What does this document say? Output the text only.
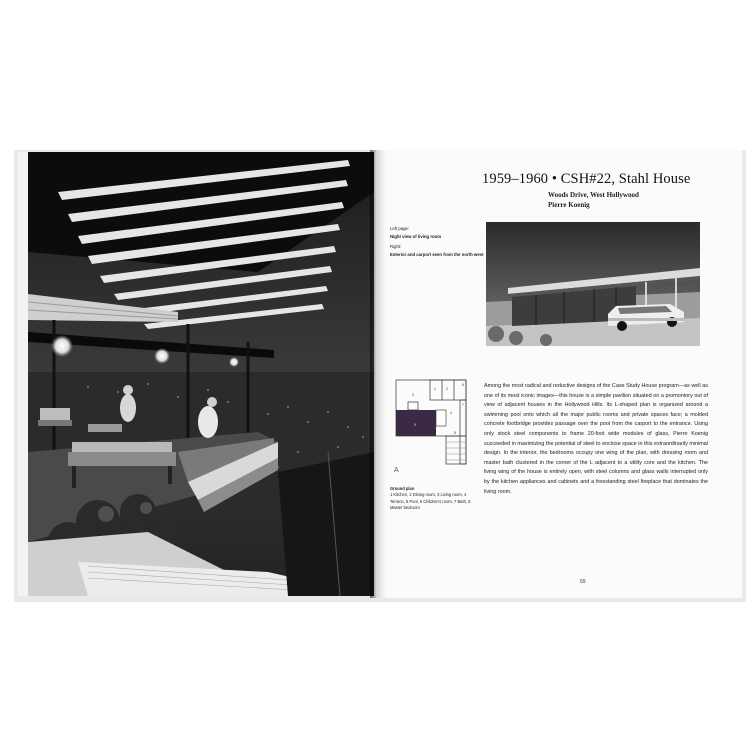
1959–1960 • CSH#22, Stahl House
Woods Drive, West Hollywood
Pierre Koenig
Left page:
Night view of living room
Right:
Exterior and carport seen from the north-west
1	2
3
4
5
6
7
8
A
Ground plan
1 Kitchen, 2 Dining room, 3 Living room, 4 Terrace, 5 Pool, 6 Children's room, 7 Bath, 8 Master bedroom
Among the most radical and reductive designs of the Case Study House program—as well as one of its most iconic images—this house is a simple pavilion situated on a promontory out of view of adjacent houses in the Hollywood Hills. Its L-shaped plan is organized around a swimming pool onto which all the major public rooms and private spaces face; a molded concrete footbridge provides passage over the pool from the carport to the entrance. Using only stock steel components to frame 20-foot wide modules of glass, Pierre Koenig succeeded in maximizing the potential of steel to enclose space in this extraordinarily minimal design. In the interior, the bedrooms occupy one wing of the plan, with dressing room and master bath clustered in the corner of the L adjacent to a utility core and the kitchen. The living wing of the house is entirely open, with steel columns and glass walls interrupted only by the kitchen appliances and cabinets and a freestanding steel fireplace that dominates the living room.
69
